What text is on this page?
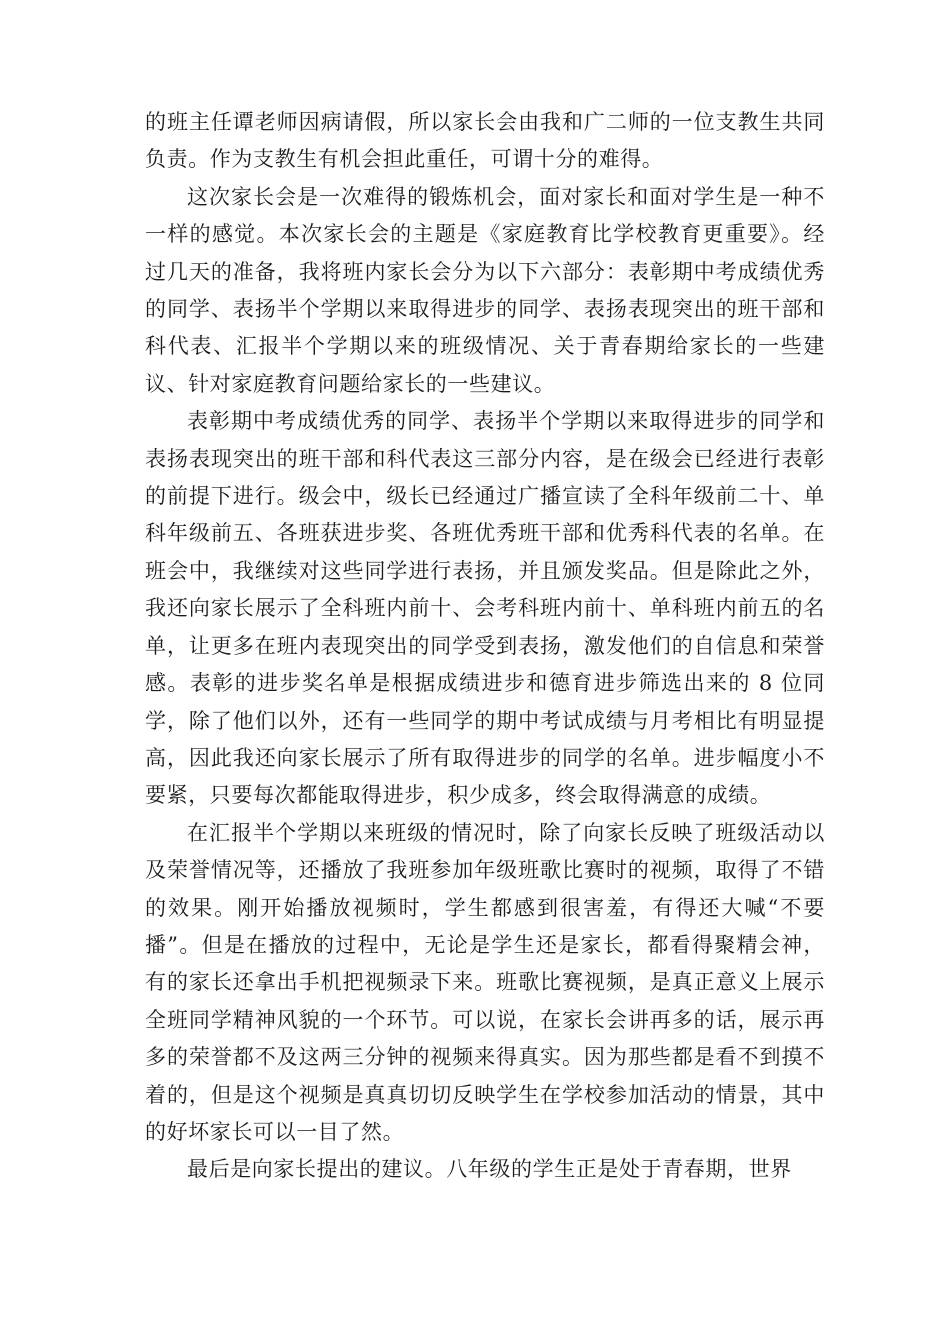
的班主任谭老师因病请假，所以家长会由我和广二师的一位支教生共同负责。作为支教生有机会担此重任，可谓十分的难得。

这次家长会是一次难得的锻炼机会，面对家长和面对学生是一种不一样的感觉。本次家长会的主题是《家庭教育比学校教育更重要》。经过几天的准备，我将班内家长会分为以下六部分：表彰期中考成绩优秀的同学、表扬半个学期以来取得进步的同学、表扬表现突出的班干部和科代表、汇报半个学期以来的班级情况、关于青春期给家长的一些建议、针对家庭教育问题给家长的一些建议。

表彰期中考成绩优秀的同学、表扬半个学期以来取得进步的同学和表扬表现突出的班干部和科代表这三部分内容，是在级会已经进行表彰的前提下进行。级会中，级长已经通过广播宣读了全科年级前二十、单科年级前五、各班获进步奖、各班优秀班干部和优秀科代表的名单。在班会中，我继续对这些同学进行表扬，并且颁发奖品。但是除此之外，我还向家长展示了全科班内前十、会考科班内前十、单科班内前五的名单，让更多在班内表现突出的同学受到表扬，激发他们的自信息和荣誉感。表彰的进步奖名单是根据成绩进步和德育进步筛选出来的 8 位同学，除了他们以外，还有一些同学的期中考试成绩与月考相比有明显提高，因此我还向家长展示了所有取得进步的同学的名单。进步幅度小不要紧，只要每次都能取得进步，积少成多，终会取得满意的成绩。

在汇报半个学期以来班级的情况时，除了向家长反映了班级活动以及荣誉情况等，还播放了我班参加年级班歌比赛时的视频，取得了不错的效果。刚开始播放视频时，学生都感到很害羞，有得还大喊“不要播”。但是在播放的过程中，无论是学生还是家长，都看得聚精会神，有的家长还拿出手机把视频录下来。班歌比赛视频，是真正意义上展示全班同学精神风貌的一个环节。可以说，在家长会讲再多的话，展示再多的荣誉都不及这两三分钟的视频来得真实。因为那些都是看不到摸不着的，但是这个视频是真真切切反映学生在学校参加活动的情景，其中的好坏家长可以一目了然。

最后是向家长提出的建议。八年级的学生正是处于青春期，世界
